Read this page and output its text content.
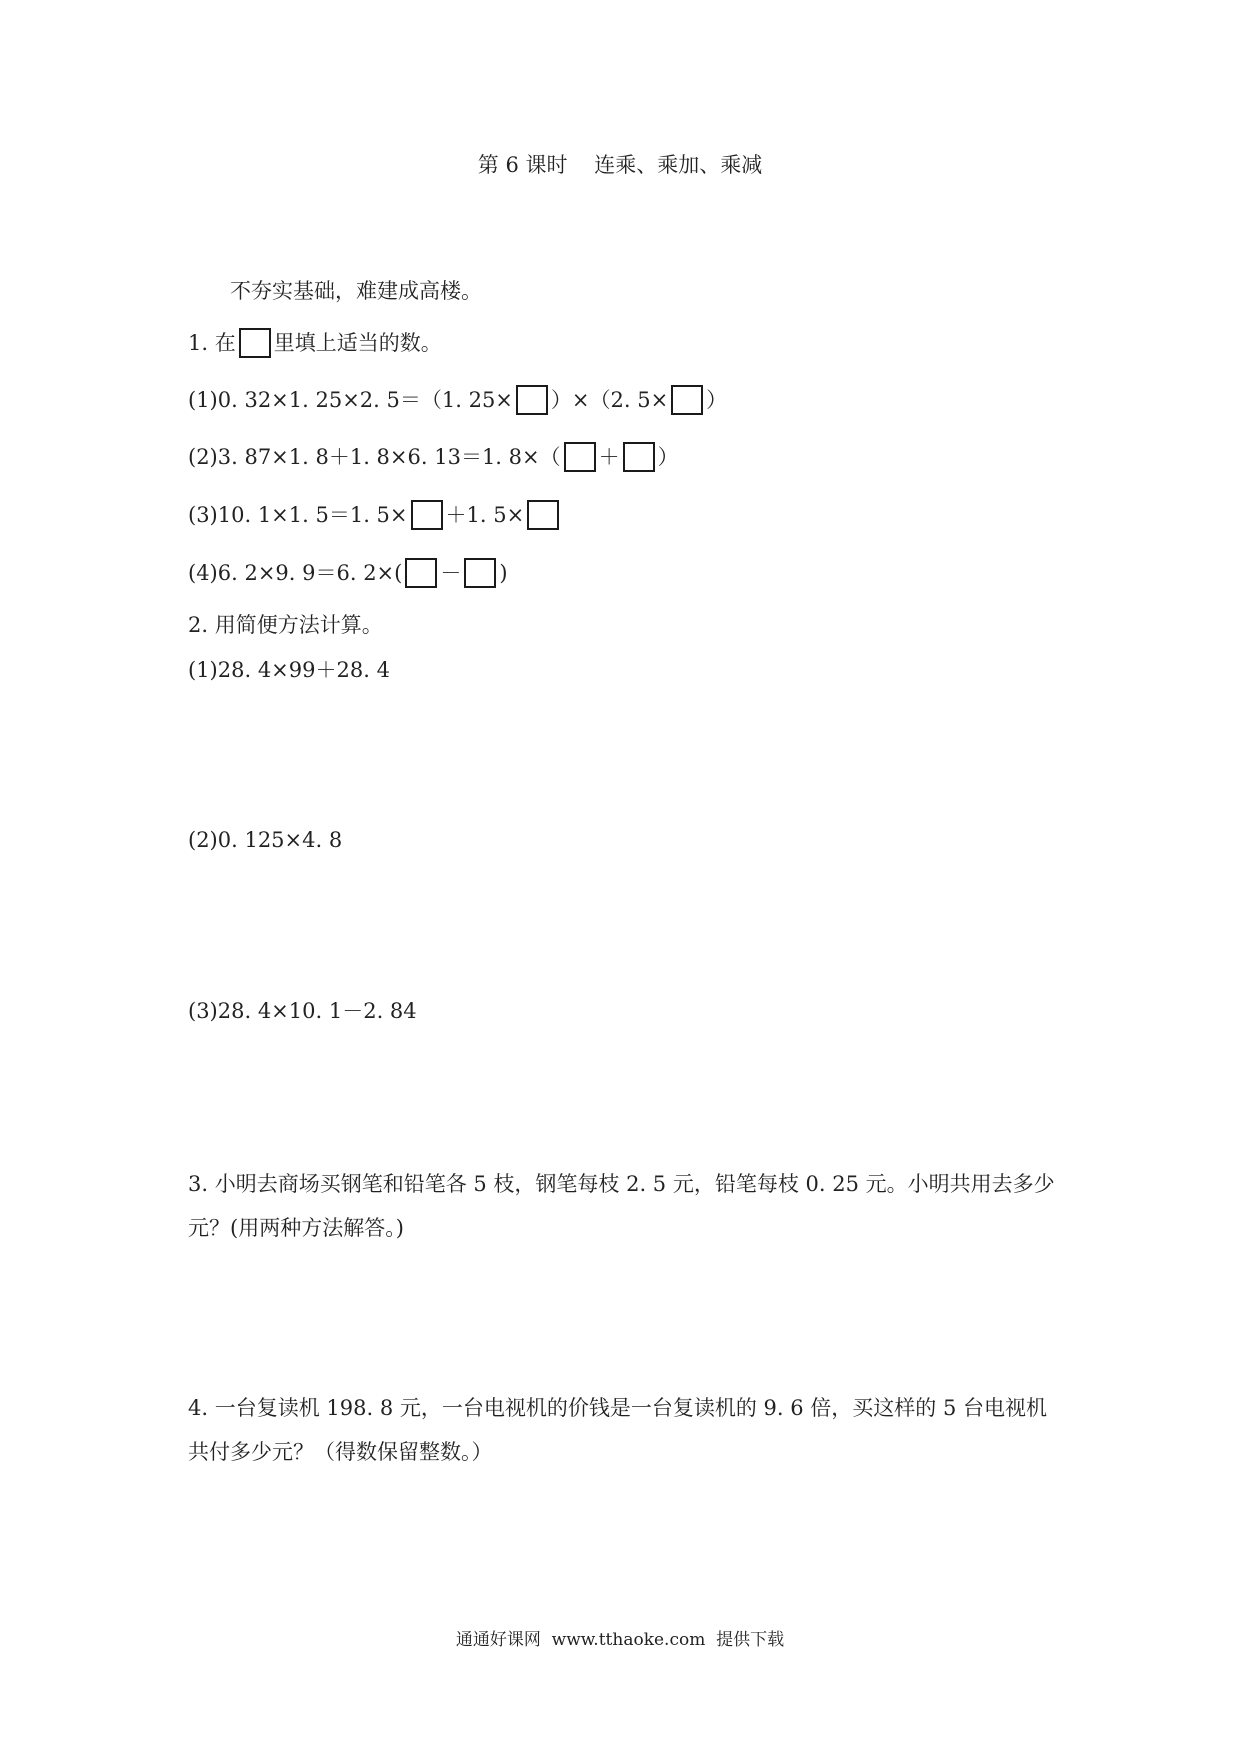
第 6 课时    连乘、乘加、乘减
不夯实基础，难建成高楼。
1. 在 里填上适当的数。
(1)0. 32×1. 25×2. 5＝（1. 25× ）×（2. 5× ）
(2)3. 87×1. 8＋1. 8×6. 13＝1. 8×（ ＋ ）
(3)10. 1×1. 5＝1. 5× ＋1. 5×
(4)6. 2×9. 9＝6. 2×( － )
2. 用简便方法计算。
(1)28. 4×99＋28. 4
(2)0. 125×4. 8
(3)28. 4×10. 1－2. 84
3. 小明去商场买钢笔和铅笔各 5 枝，钢笔每枝 2. 5 元，铅笔每枝 0. 25 元。小明共用去多少元？(用两种方法解答。)
4. 一台复读机 198. 8 元，一台电视机的价钱是一台复读机的 9. 6 倍，买这样的 5 台电视机共付多少元？（得数保留整数。）
通通好课网  www.tthaoke.com  提供下载
